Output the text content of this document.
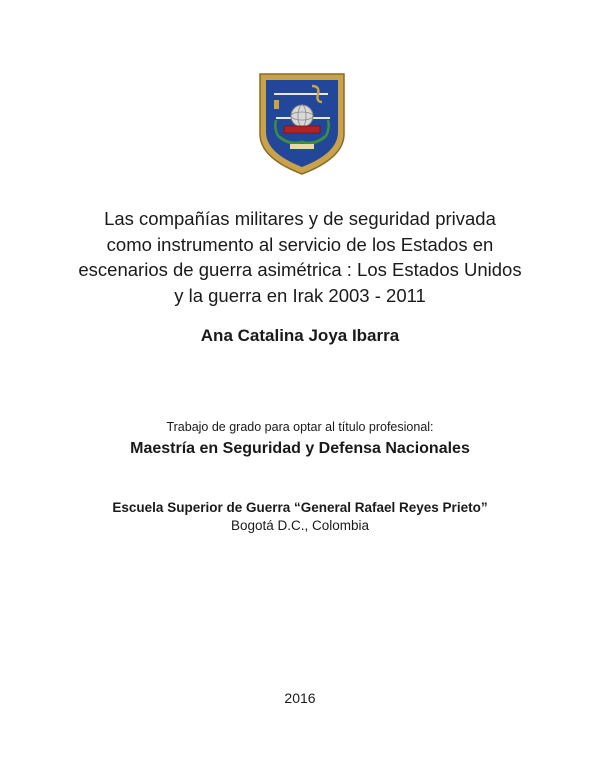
Las compañías militares y de seguridad privada
como instrumento al servicio de los Estados en
escenarios de guerra asimétrica : Los Estados Unidos
y la guerra en Irak 2003 - 2011
Ana Catalina Joya Ibarra
Trabajo de grado para optar al título profesional:
Maestría en Seguridad y Defensa Nacionales
Escuela Superior de Guerra “General Rafael Reyes Prieto”
Bogotá D.C., Colombia
2016
